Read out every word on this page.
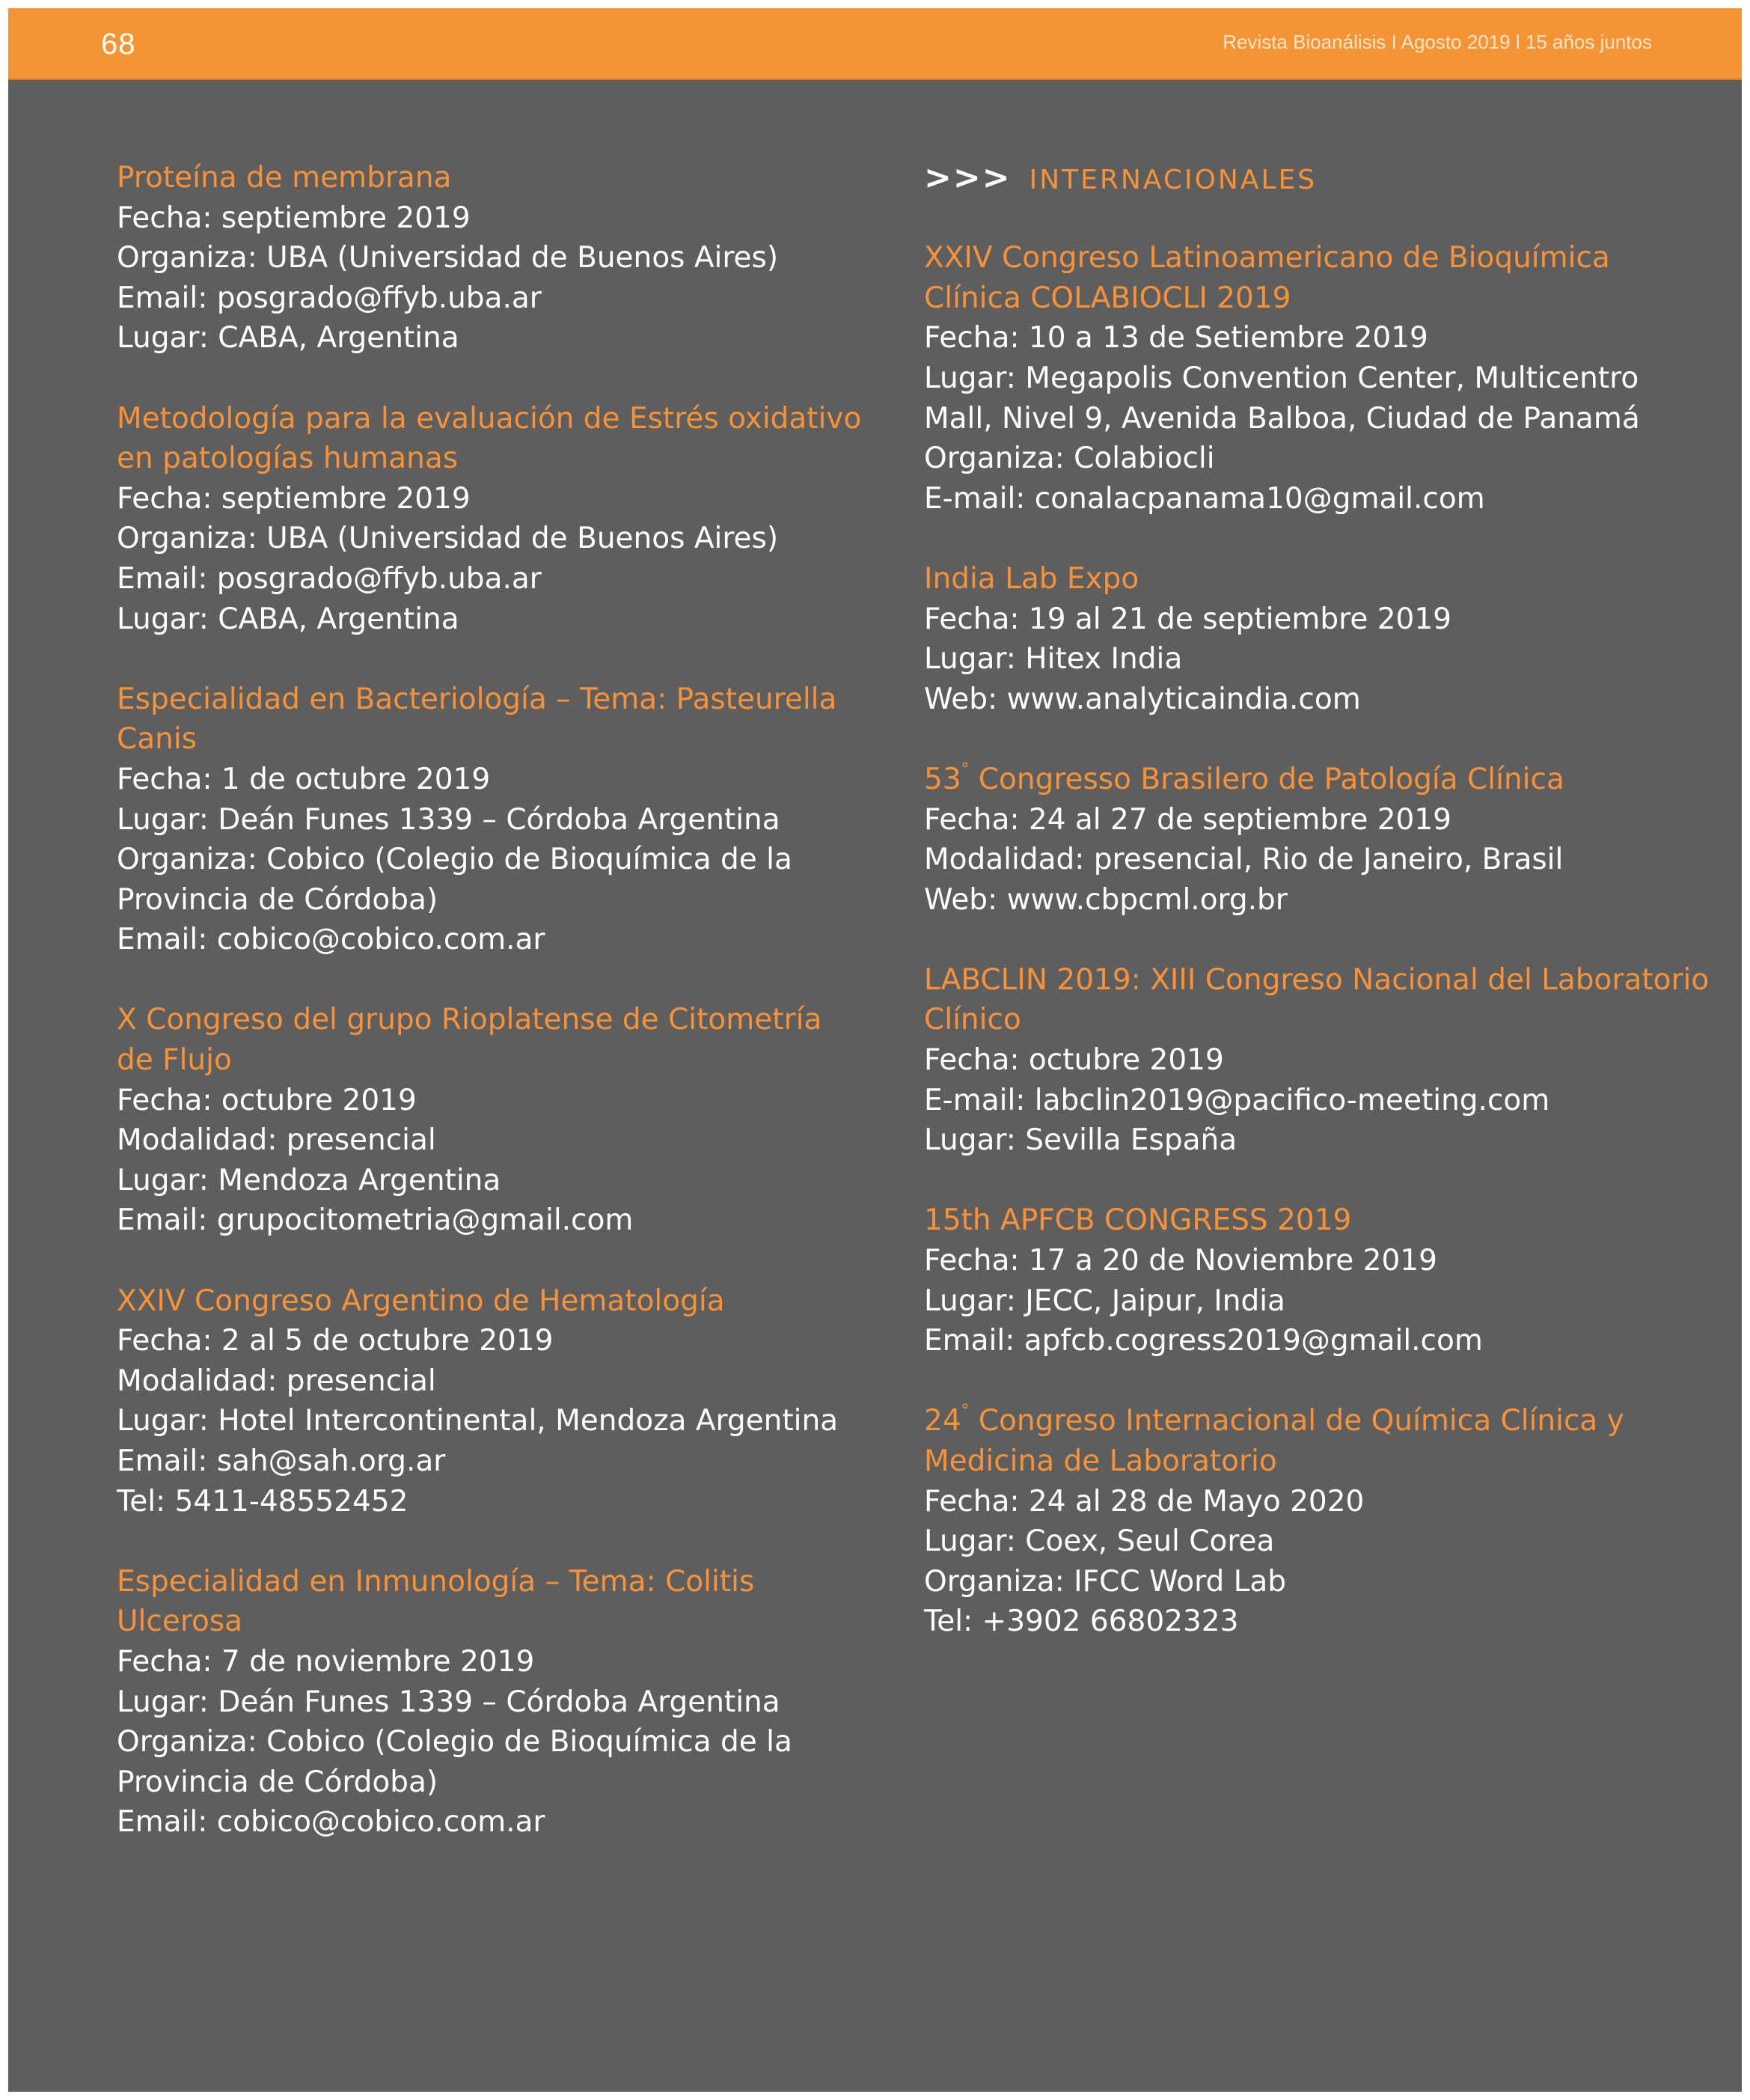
68	Revista Bioanálisis I Agosto 2019 l 15 años juntos
Proteína de membrana
Fecha: septiembre 2019
Organiza: UBA (Universidad de Buenos Aires)
Email: posgrado@ffyb.uba.ar
Lugar: CABA, Argentina
Metodología para la evaluación de Estrés oxidativo en patologías humanas
Fecha: septiembre 2019
Organiza: UBA (Universidad de Buenos Aires)
Email: posgrado@ffyb.uba.ar
Lugar: CABA, Argentina
Especialidad en Bacteriología – Tema: Pasteurella Canis
Fecha: 1 de octubre 2019
Lugar: Deán Funes 1339 – Córdoba Argentina
Organiza: Cobico (Colegio de Bioquímica de la
Provincia de Córdoba)
Email: cobico@cobico.com.ar
X Congreso del grupo Rioplatense de Citometría de Flujo
Fecha: octubre 2019
Modalidad: presencial
Lugar: Mendoza Argentina
Email: grupocitometria@gmail.com
XXIV Congreso Argentino de Hematología
Fecha: 2 al 5 de octubre 2019
Modalidad: presencial
Lugar: Hotel Intercontinental, Mendoza Argentina
Email: sah@sah.org.ar
Tel: 5411-48552452
Especialidad en Inmunología – Tema: Colitis Ulcerosa
Fecha: 7 de noviembre 2019
Lugar: Deán Funes 1339 – Córdoba Argentina
Organiza: Cobico (Colegio de Bioquímica de la
Provincia de Córdoba)
Email: cobico@cobico.com.ar
>>> INTERNACIONALES
XXIV Congreso Latinoamericano de Bioquímica Clínica COLABIOCLI 2019
Fecha: 10 a 13 de Setiembre 2019
Lugar: Megapolis Convention Center, Multicentro
Mall, Nivel 9, Avenida Balboa, Ciudad de Panamá
Organiza: Colabiocli
E-mail: conalacpanama10@gmail.com
India Lab Expo
Fecha: 19 al 21 de septiembre 2019
Lugar: Hitex India
Web: www.analyticaindia.com
53° Congresso Brasilero de Patología Clínica
Fecha: 24 al 27 de septiembre 2019
Modalidad: presencial, Rio de Janeiro, Brasil
Web: www.cbpcml.org.br
LABCLIN 2019: XIII Congreso Nacional del Laboratorio Clínico
Fecha: octubre 2019
E-mail: labclin2019@pacifico-meeting.com
Lugar: Sevilla España
15th APFCB CONGRESS 2019
Fecha: 17 a 20 de Noviembre 2019
Lugar: JECC, Jaipur, India
Email: apfcb.cogress2019@gmail.com
24° Congreso Internacional de Química Clínica y Medicina de Laboratorio
Fecha: 24 al 28 de Mayo 2020
Lugar: Coex, Seul Corea
Organiza: IFCC Word Lab
Tel: +3902 66802323
